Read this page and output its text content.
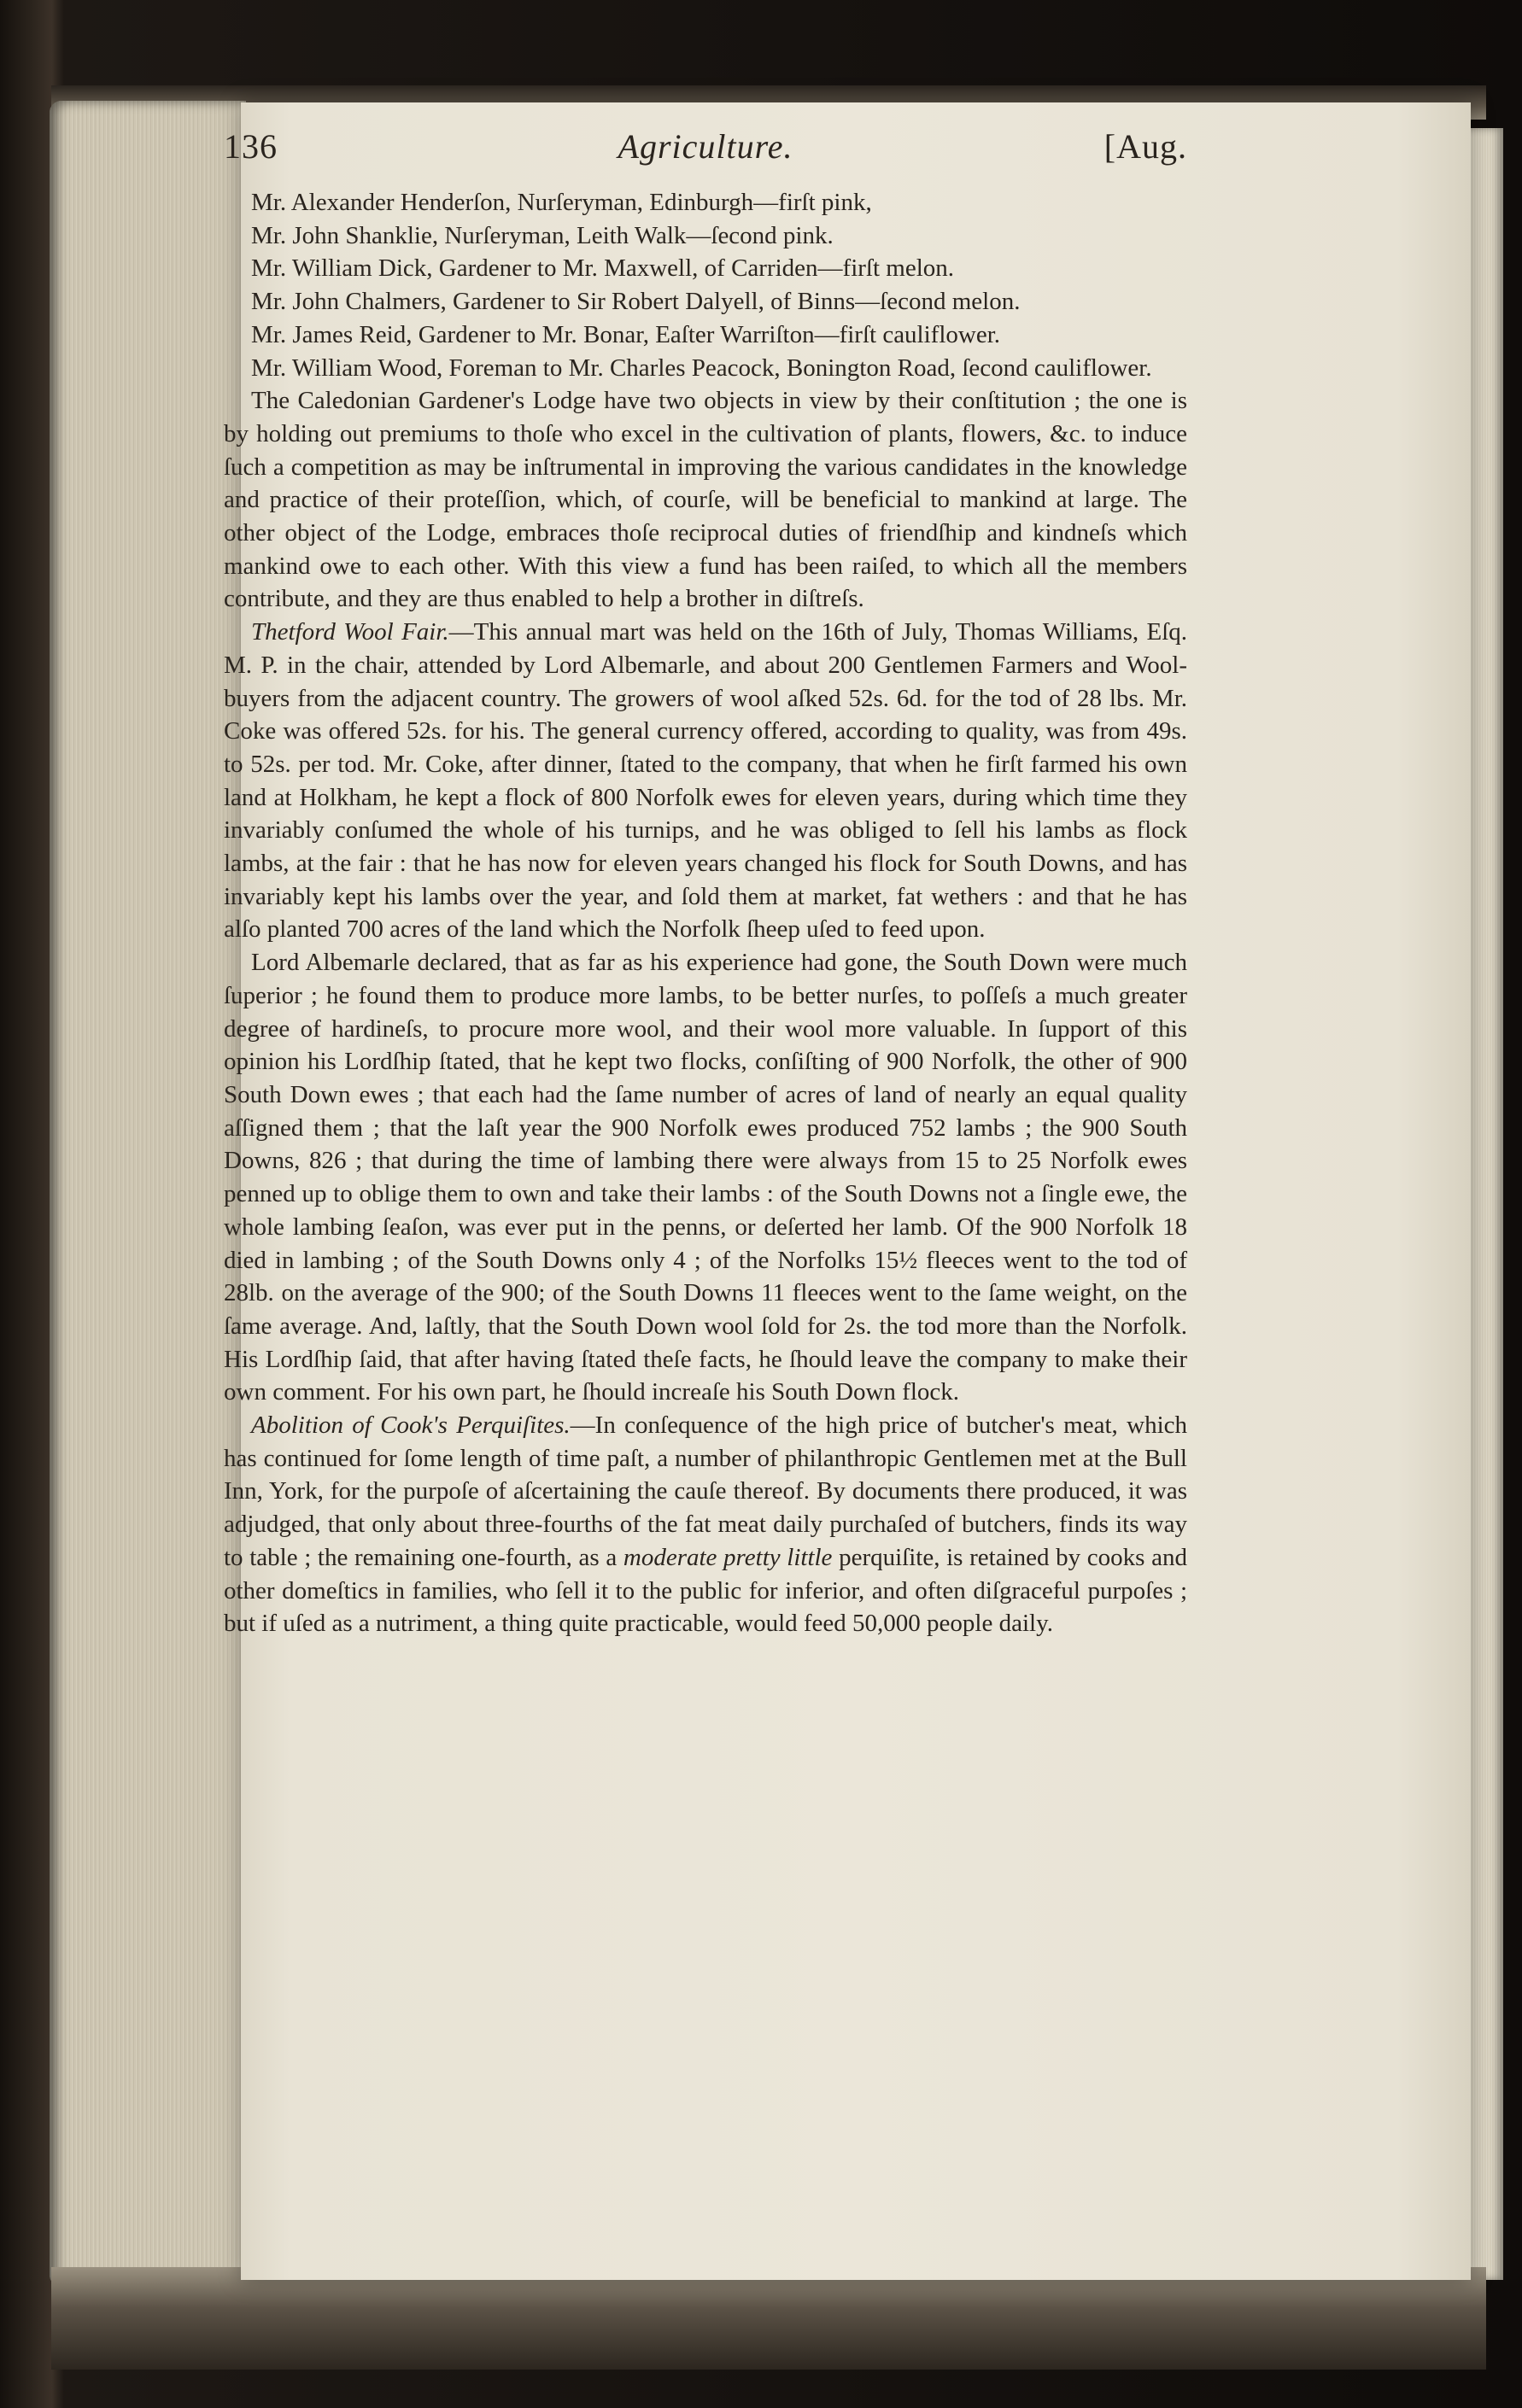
136	Agriculture.	[Aug.

Mr. Alexander Henderſon, Nurſeryman, Edinburgh—firſt pink,

Mr. John Shanklie, Nurſeryman, Leith Walk—ſecond pink.

Mr. William Dick, Gardener to Mr. Maxwell, of Carriden—firſt melon.

Mr. John Chalmers, Gardener to Sir Robert Dalyell, of Binns—ſecond melon.

Mr. James Reid, Gardener to Mr. Bonar, Eaſter Warriſton—firſt cauliflower.

Mr. William Wood, Foreman to Mr. Charles Peacock, Bonington Road, ſecond cauliflower.

The Caledonian Gardener's Lodge have two objects in view by their conſtitution ; the one is by holding out premiums to thoſe who excel in the cultivation of plants, flowers, &c. to induce ſuch a competition as may be inſtrumental in improving the various candidates in the knowledge and practice of their proteſſion, which, of courſe, will be beneficial to mankind at large. The other object of the Lodge, embraces thoſe reciprocal duties of friendſhip and kindneſs which mankind owe to each other. With this view a fund has been raiſed, to which all the members contribute, and they are thus enabled to help a brother in diſtreſs.

Thetford Wool Fair.—This annual mart was held on the 16th of July, Thomas Williams, Eſq. M. P. in the chair, attended by Lord Albemarle, and about 200 Gentlemen Farmers and Wool-buyers from the adjacent country. The growers of wool aſked 52s. 6d. for the tod of 28 lbs. Mr. Coke was offered 52s. for his. The general currency offered, according to quality, was from 49s. to 52s. per tod. Mr. Coke, after dinner, ſtated to the company, that when he firſt farmed his own land at Holkham, he kept a flock of 800 Norfolk ewes for eleven years, during which time they invariably conſumed the whole of his turnips, and he was obliged to ſell his lambs as flock lambs, at the fair : that he has now for eleven years changed his flock for South Downs, and has invariably kept his lambs over the year, and ſold them at market, fat wethers : and that he has alſo planted 700 acres of the land which the Norfolk ſheep uſed to feed upon.

Lord Albemarle declared, that as far as his experience had gone, the South Down were much ſuperior ; he found them to produce more lambs, to be better nurſes, to poſſeſs a much greater degree of hardineſs, to procure more wool, and their wool more valuable. In ſupport of this opinion his Lordſhip ſtated, that he kept two flocks, conſiſting of 900 Norfolk, the other of 900 South Down ewes ; that each had the ſame number of acres of land of nearly an equal quality aſſigned them ; that the laſt year the 900 Norfolk ewes produced 752 lambs ; the 900 South Downs, 826 ; that during the time of lambing there were always from 15 to 25 Norfolk ewes penned up to oblige them to own and take their lambs : of the South Downs not a ſingle ewe, the whole lambing ſeaſon, was ever put in the penns, or deſerted her lamb. Of the 900 Norfolk 18 died in lambing ; of the South Downs only 4 ; of the Norfolks 15½ fleeces went to the tod of 28lb. on the average of the 900; of the South Downs 11 fleeces went to the ſame weight, on the ſame average. And, laſtly, that the South Down wool ſold for 2s. the tod more than the Norfolk. His Lordſhip ſaid, that after having ſtated theſe facts, he ſhould leave the company to make their own comment. For his own part, he ſhould increaſe his South Down flock.

Abolition of Cook's Perquiſites.—In conſequence of the high price of butcher's meat, which has continued for ſome length of time paſt, a number of philanthropic Gentlemen met at the Bull Inn, York, for the purpoſe of aſcertaining the cauſe thereof. By documents there produced, it was adjudged, that only about three-fourths of the fat meat daily purchaſed of butchers, finds its way to table ; the remaining one-fourth, as a moderate pretty little perquiſite, is retained by cooks and other domeſtics in families, who ſell it to the public for inferior, and often diſgraceful purpoſes ; but if uſed as a nutriment, a thing quite practicable, would feed 50,000 people daily.
